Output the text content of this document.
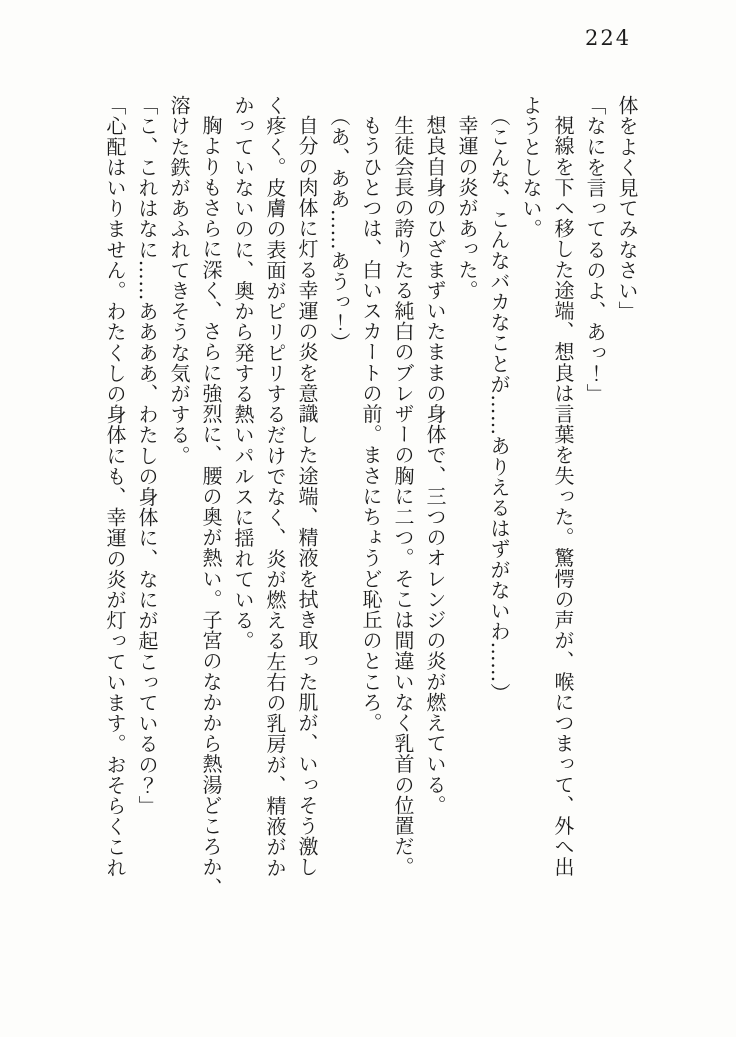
224

体をよく見てみなさい」

「なにを言ってるのよ、あっ！」

視線を下へ移した途端、想良は言葉を失った。驚愕の声が、喉につまって、外へ出
ようとしない。

（こんな、こんなバカなことが……ありえるはずがないわ……）

幸運の炎があった。

想良自身のひざまずいたままの身体で、三つのオレンジの炎が燃えている。

生徒会長の誇りたる純白のブレザーの胸に二つ。そこは間違いなく乳首の位置だ。

もうひとつは、白いスカートの前。まさにちょうど恥丘のところ。

（あ、ああ……あうっ！）

自分の肉体に灯る幸運の炎を意識した途端、精液を拭き取った肌が、いっそう激し
く疼く。皮膚の表面がピリピリするだけでなく、炎が燃える左右の乳房が、精液がか
かっていないのに、奥から発する熱いパルスに揺れている。

胸よりもさらに深く、さらに強烈に、腰の奥が熱い。子宮のなかから熱湯どころか、
溶けた鉄があふれてきそうな気がする。

「こ、これはなに……ああああ、わたしの身体に、なにが起こっているの？」

「心配はいりません。わたくしの身体にも、幸運の炎が灯っています。おそらくこれ
